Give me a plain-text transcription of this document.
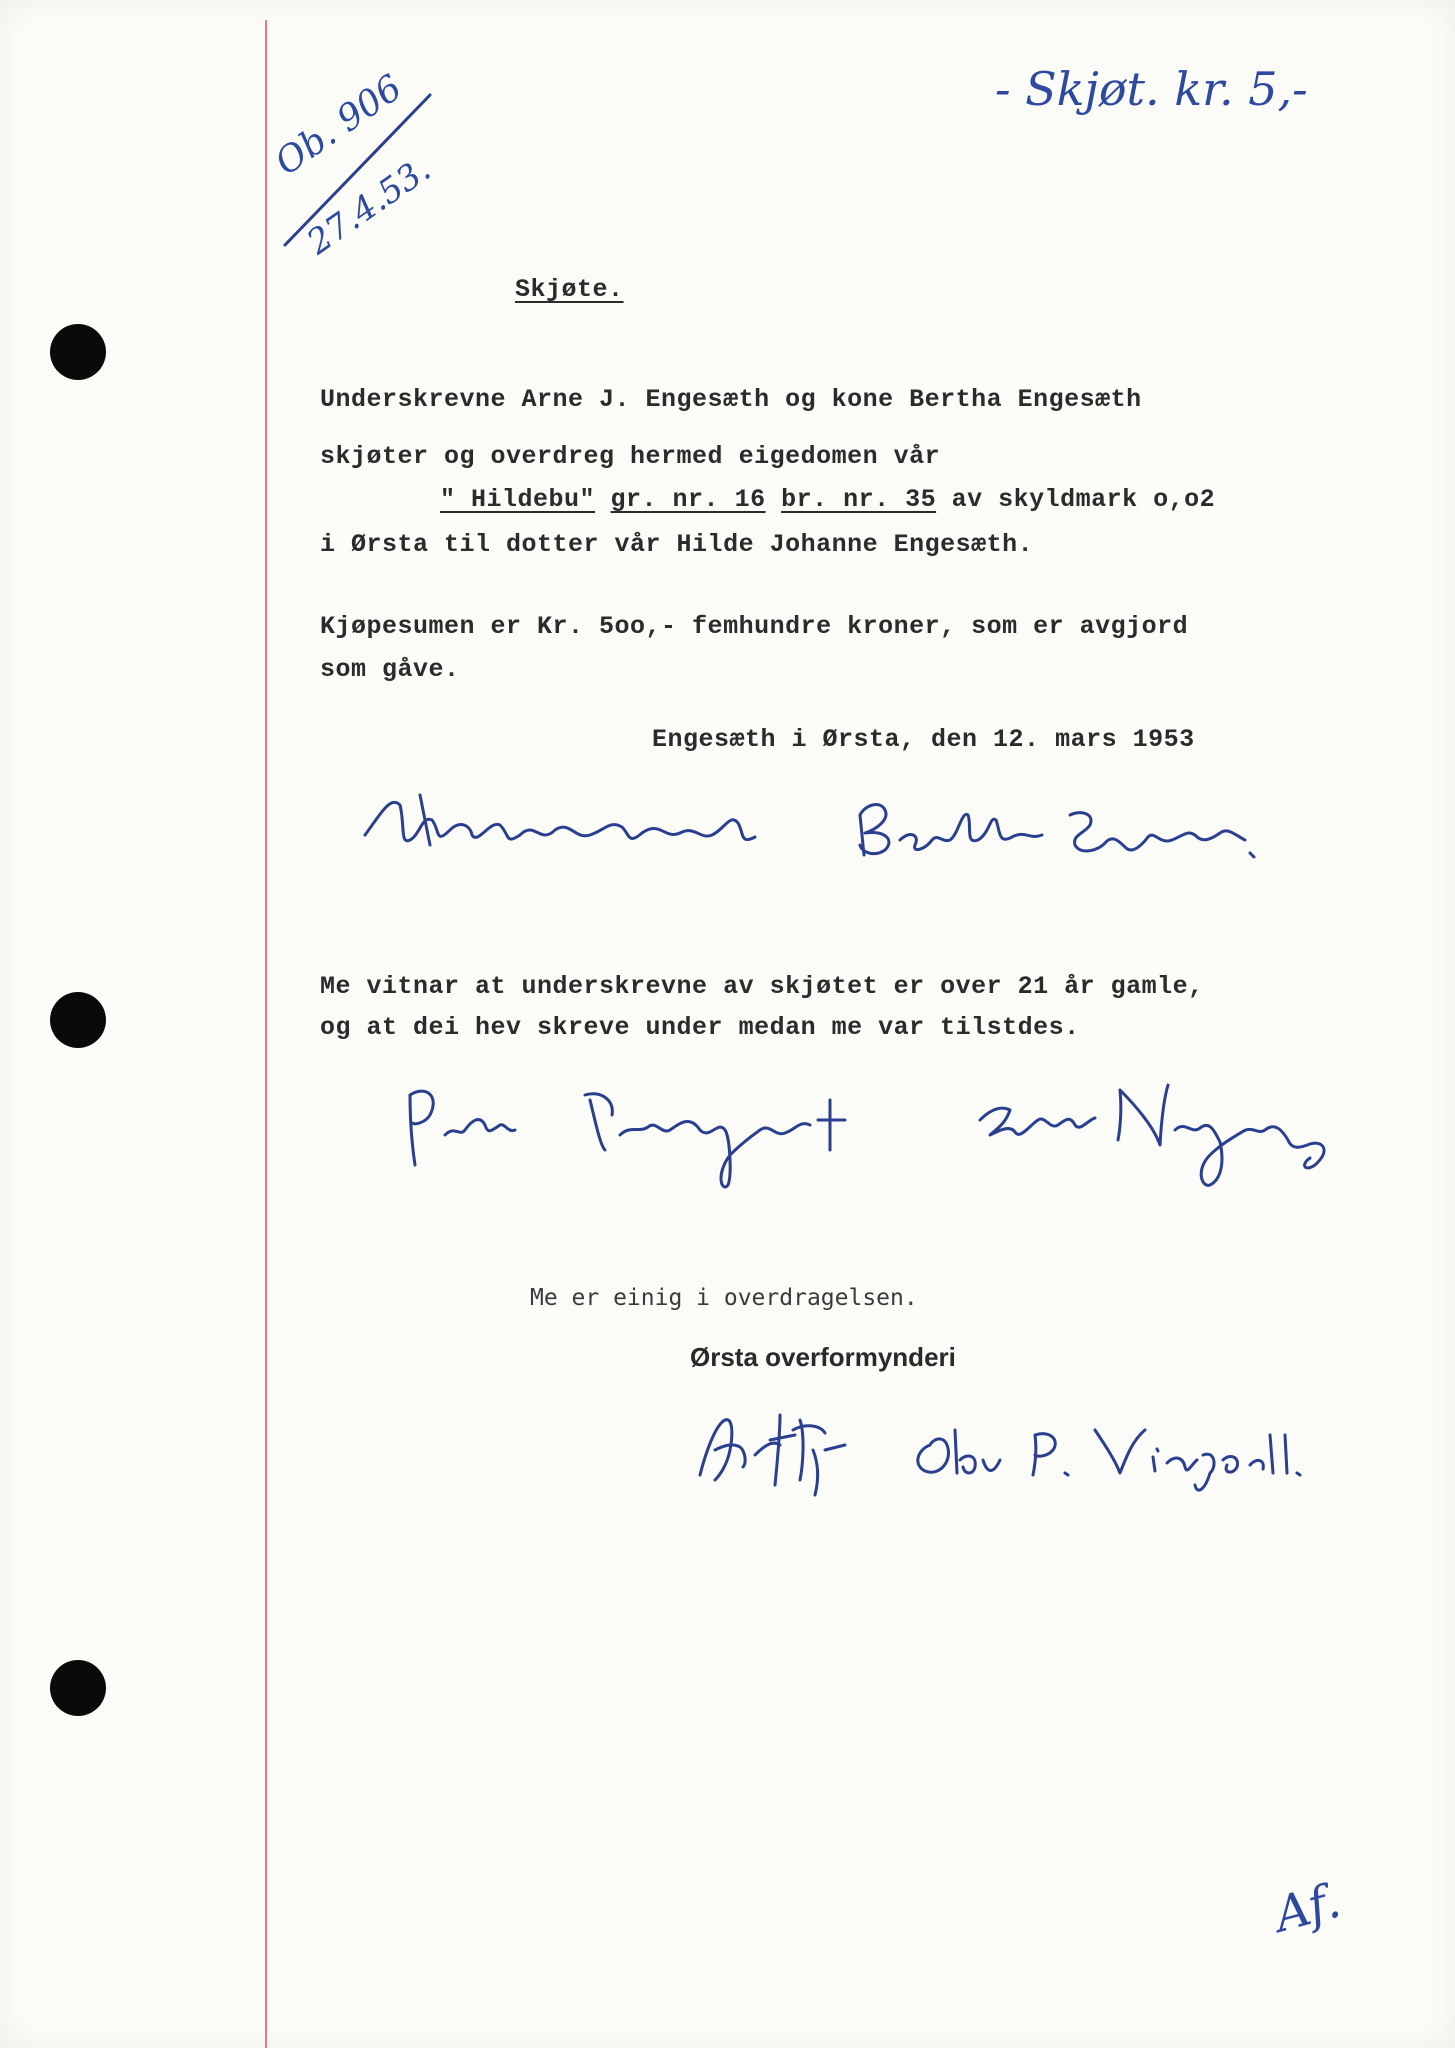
- Skjøt. kr. 5,-
Ob. 906
27.4.53.
Skjøte.
Underskrevne Arne J. Engesæth og kone Bertha Engesæth
skjøter og overdreg hermed eigedomen vår
" Hildebu" gr. nr. 16 br. nr. 35 av skyldmark o,o2
i Ørsta til dotter vår Hilde Johanne Engesæth.
Kjøpesumen er Kr. 5oo,- femhundre kroner, som er avgjord
som gåve.
Engesæth i Ørsta, den 12. mars 1953
Me vitnar at underskrevne av skjøtet er over 21 år gamle,
og at dei hev skreve under medan me var tilstdes.
Me er einig i overdragelsen.
Ørsta overformynderi
Af.
